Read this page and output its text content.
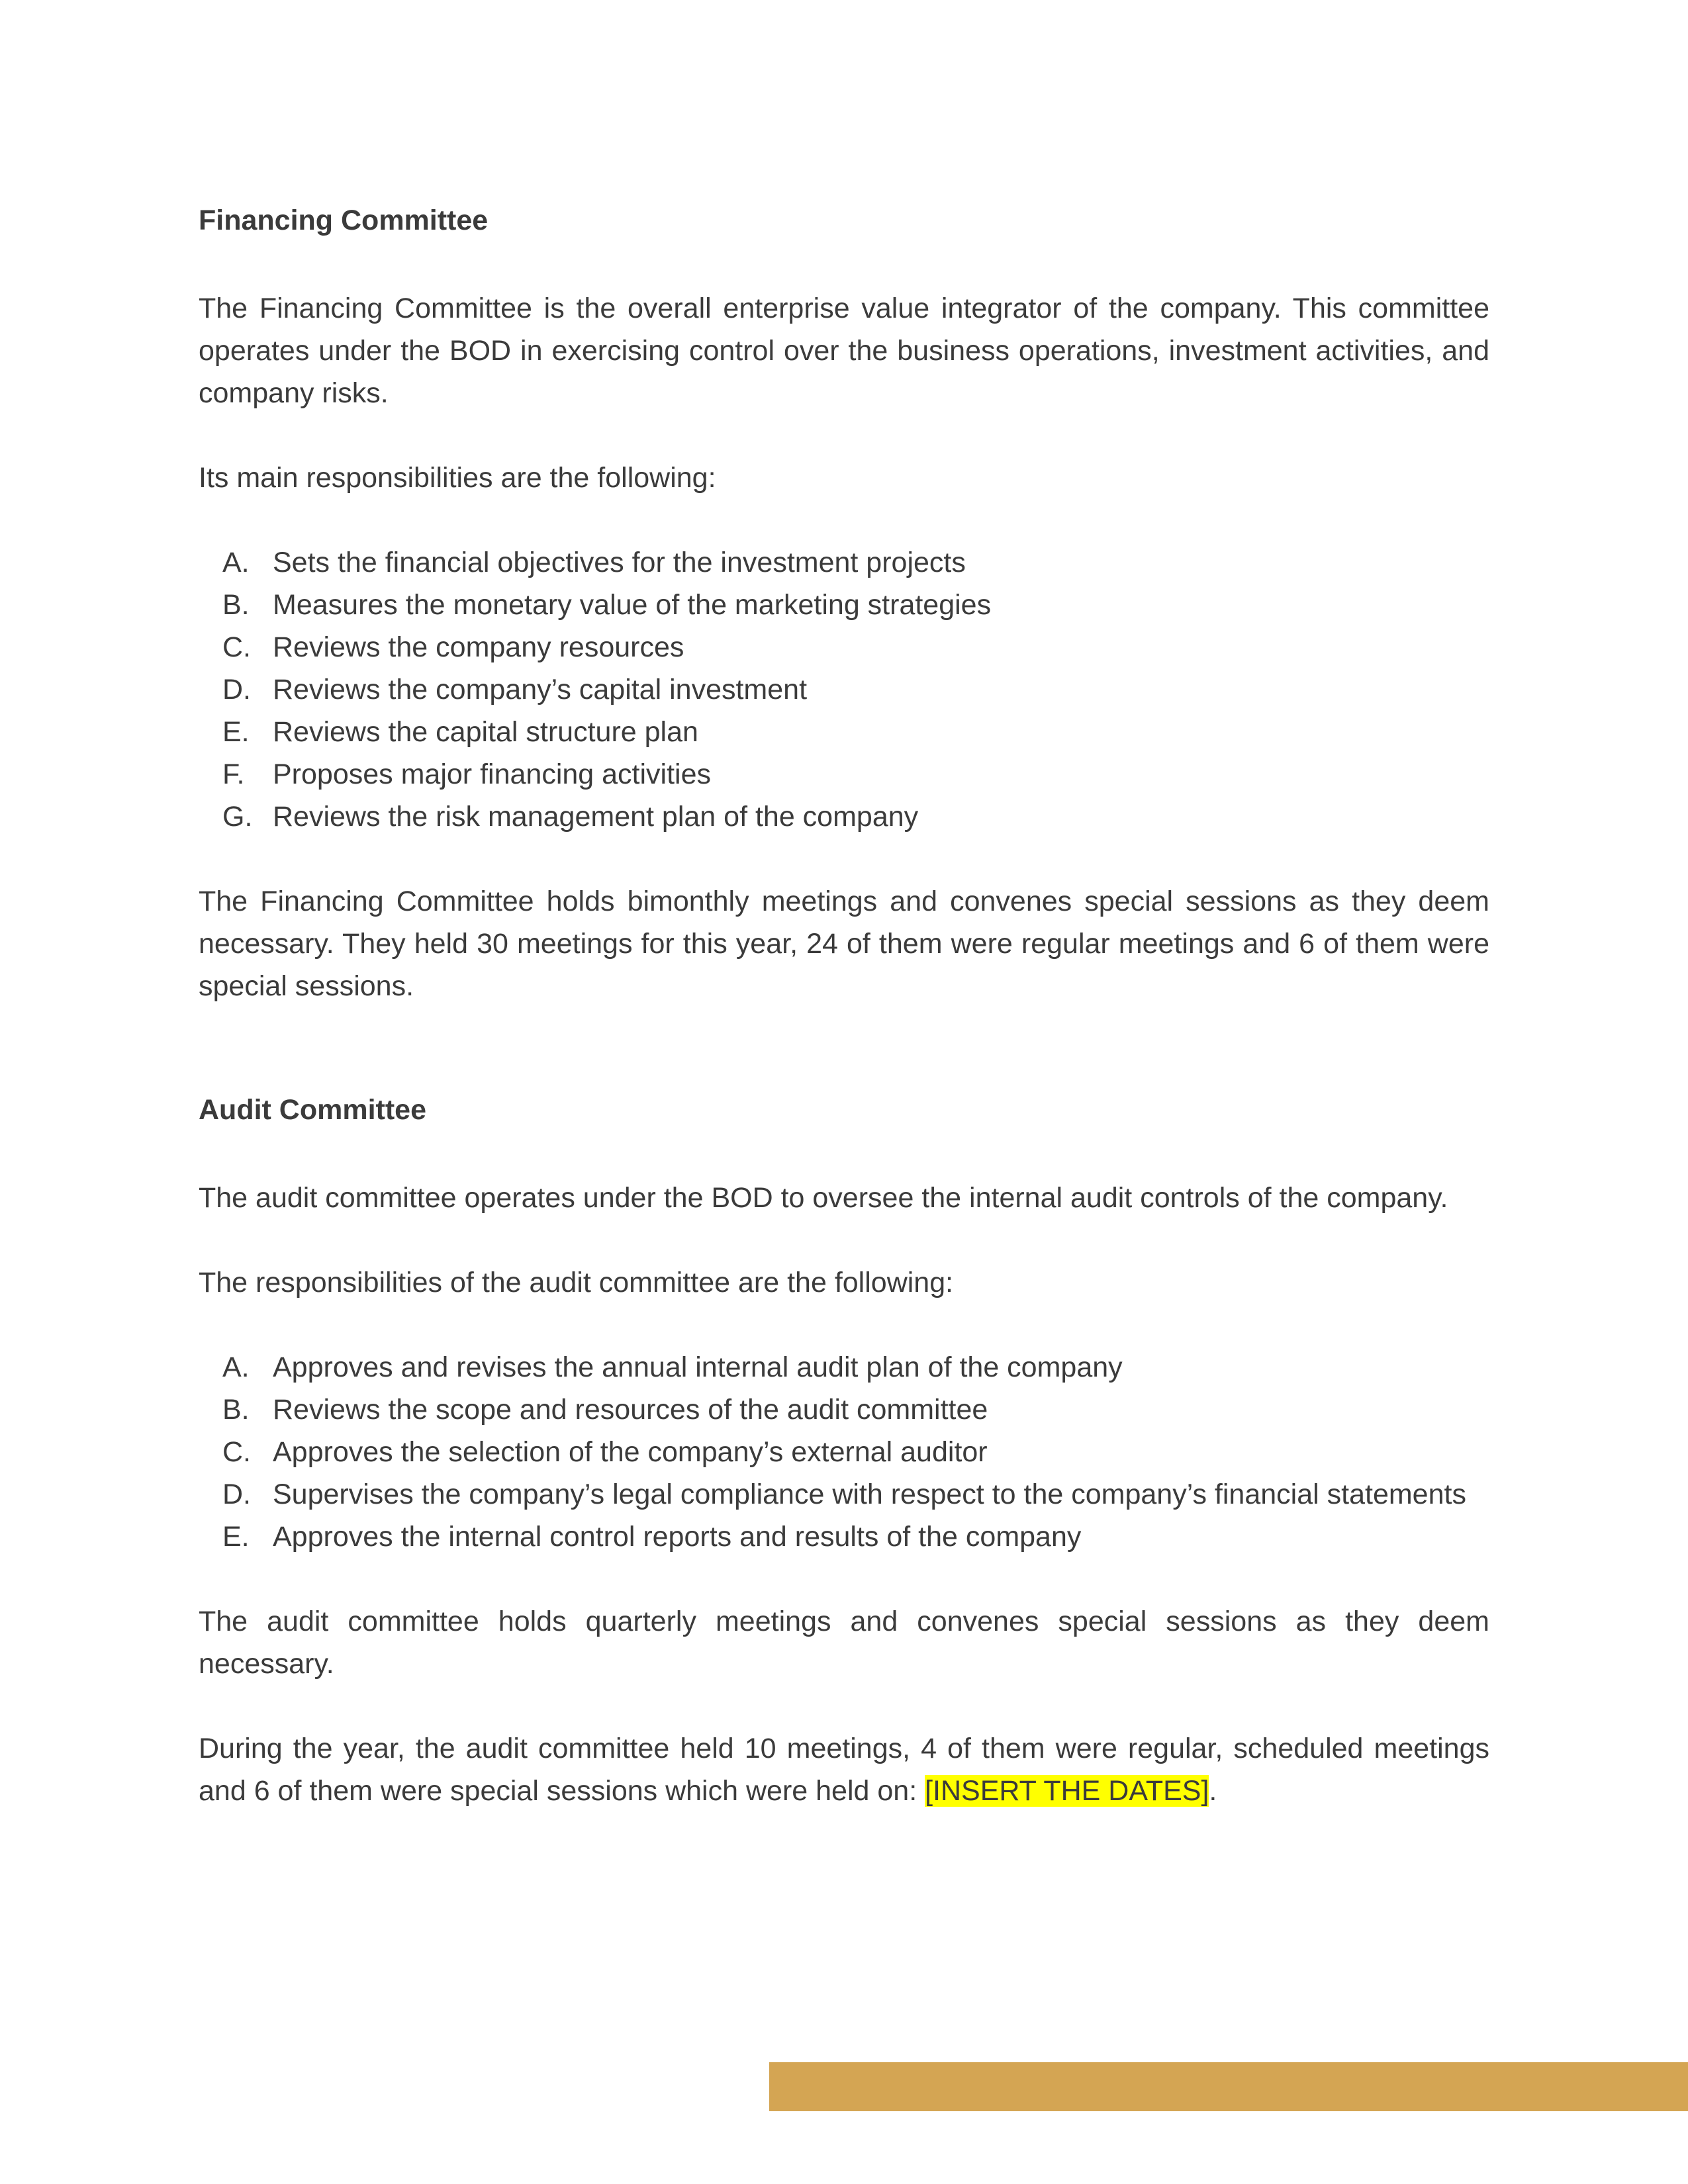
Financing Committee

The Financing Committee is the overall enterprise value integrator of the company. This committee operates under the BOD in exercising control over the business operations, investment activities, and company risks.

Its main responsibilities are the following:

A. Sets the financial objectives for the investment projects
B. Measures the monetary value of the marketing strategies
C. Reviews the company resources
D. Reviews the company’s capital investment
E. Reviews the capital structure plan
F. Proposes major financing activities
G. Reviews the risk management plan of the company

The Financing Committee holds bimonthly meetings and convenes special sessions as they deem necessary. They held 30 meetings for this year, 24 of them were regular meetings and 6 of them were special sessions.

Audit Committee

The audit committee operates under the BOD to oversee the internal audit controls of the company.

The responsibilities of the audit committee are the following:

A. Approves and revises the annual internal audit plan of the company
B. Reviews the scope and resources of the audit committee
C. Approves the selection of the company’s external auditor
D. Supervises the company’s legal compliance with respect to the company’s financial statements
E. Approves the internal control reports and results of the company

The audit committee holds quarterly meetings and convenes special sessions as they deem necessary.

During the year, the audit committee held 10 meetings, 4 of them were regular, scheduled meetings and 6 of them were special sessions which were held on: [INSERT THE DATES].
